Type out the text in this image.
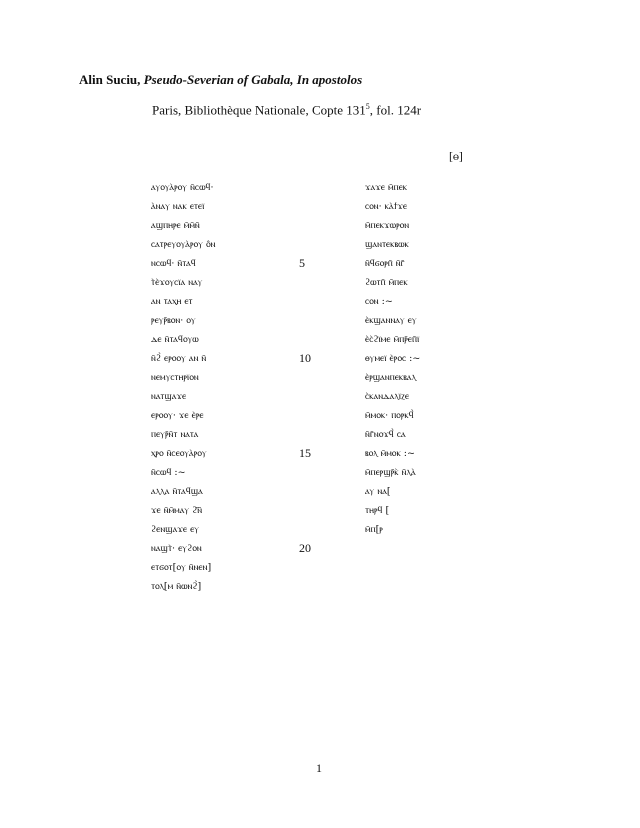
Alin Suciu, Pseudo-Severian of Gabala, In apostolos
Paris, Bibliothèque Nationale, Copte $131^5$, fol. 124r
[ⲑ]
ⲁⲩⲟⲩⲁ̀ⲣⲟⲩ ⲛ̄ⲥⲱϥ·
ⲁ̀ⲛⲁⲩ ⲛⲁⲕ ⲉⲧⲉⲓ̈
ⲁϣⲡⲏⲣⲉ ⲙ̄ⲙ̄ⲛ̄
ⲥⲁⲧⲣⲉⲩⲟⲩⲁ̀ⲣⲟⲩ ⲟ̂ⲛ
ⲛⲥⲱϥ· ⲛ̄ⲧⲁϥ
ⲧ̀ⲉ̀ϫⲟⲩⲥⲓ̈ⲁ ⲛⲁⲩ
ⲁⲛ ⲧⲁⲭⲏ ⲉⲧ
ⲣⲉⲩⲣ̄ⲃⲟⲛ· ⲟⲩ
ⲇⲉ ⲛ̄ⲧⲁϥⲟⲩⲱ
ⲛ̄ϩ̀ ⲉⲣⲟⲟⲩ ⲁⲛ ⲛ̄
ⲛⲉⲙⲩⲥⲧⲏⲣⲓ̈ⲟⲛ
ⲛⲁⲧϣⲁϫⲉ
ⲉⲣⲟⲟⲩ· ϫⲉ ⲉ̀ⲣⲉ
ⲡⲉⲩⲣ̄ⲛ̄ⲧ ⲛⲁⲧⲁ
ⲭⲣⲟ ⲛ̄ⲥⲉⲟⲩⲁ̀ⲣⲟⲩ
ⲛ̄ⲥⲱϥ :~
ⲁⲗⲗⲁ ⲛ̄ⲧⲁϥϣⲁ
ϫⲉ ⲛ̄ⲙ̄ⲙⲁⲩ ϩ̄ⲛ̄
ϩⲉⲛϣⲁϫⲉ ⲉⲩ
ⲛⲁϣⲧ̀· ⲉⲩϩⲟⲛ
ⲉⲧϭⲟⲧ[ⲟⲩ ⲛ̄ⲛⲉⲛ]
ⲧⲟⲗ[ⲙ ⲛ̄ⲱⲛϩ̀]
5
10
15
20
ϫⲁϫⲉ ⲙ̄ⲡⲉⲕ
ⲥⲟⲛ· ⲕⲁ̀ϯϫⲉ
ⲙ̄ⲡⲉⲕϫⲱⲣⲟⲛ
ϣⲁⲛⲧⲉⲕⲃⲱⲕ
ⲛ̄ϥϭⲟⲣⲡ̄ ⲛ̄ⲅ̄
ϩⲱⲧⲡ̄ ⲙ̄ⲡⲉⲕ
ⲥⲟⲛ :~
ⲉ̀ⲕϣⲁⲛⲛⲁⲩ ⲉⲩ
ⲉ̀ⲥ̀ϩⲓ̈ⲙⲉ ⲙ̄ⲡⲣ̄ⲉⲡ̄ⲓ̈
ⲑⲩⲙⲉⲓ̈ ⲉ̀ⲣⲟⲥ :~
ⲉ̀ⲣϣⲁⲛⲡⲉⲕⲃⲁⲗ
ⲥ̀ⲕⲁⲛⲇⲁⲗⲓ̈ⲍⲉ
ⲙ̄ⲙⲟⲕ· ⲡⲟⲣⲕϥ̀
ⲛ̄ⲅ̄ⲛⲟϫϥ̀ ⲥⲁ
ⲃⲟⲗ ⲙ̄ⲙⲟⲕ :~
ⲙ̄ⲡⲉⲣϣⲣ̄ⲕ̀ ⲛ̄ⲗⲁ̀
ⲁⲩ ⲛⲁ[
ⲧⲏⲣϥ [
ⲙ̄ⲡ[ⲣ
1
